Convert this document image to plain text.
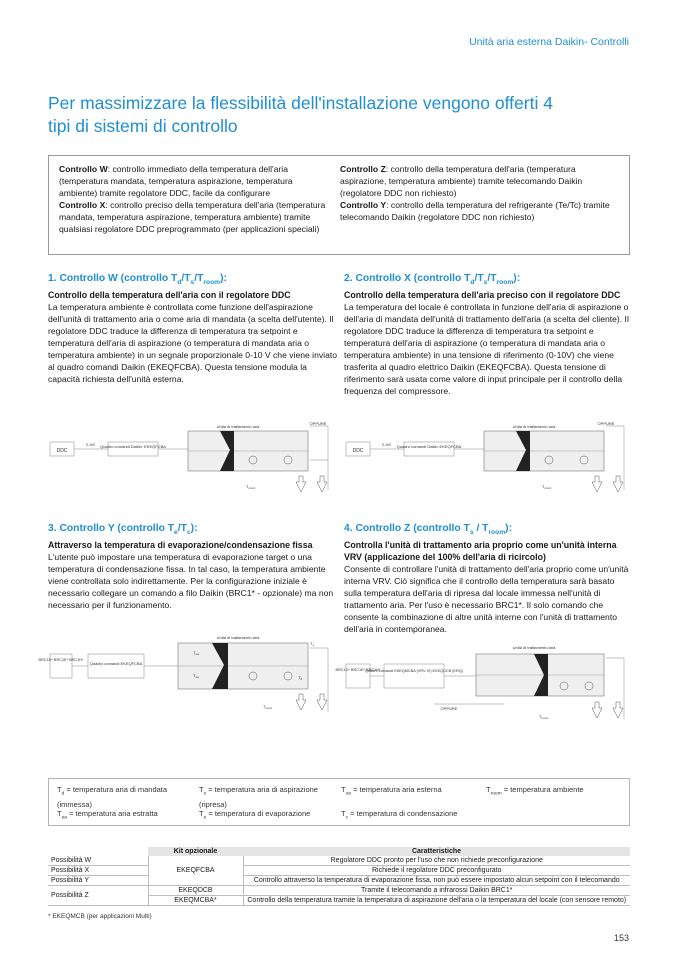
Unità aria esterna Daikin- Controlli
Per massimizzare la flessibilità dell'installazione vengono offerti 4 tipi di sistemi di controllo

Controllo W: controllo immediato della temperatura dell'aria (temperatura mandata, temperatura aspirazione, temperatura ambiente) tramite regolatore DDC, facile da configurare

Controllo X: controllo preciso della temperatura dell'aria (temperatura mandata, temperatura aspirazione, temperatura ambiente) tramite qualsiasi regolatore DDC preprogrammato (per applicazioni speciali)

Controllo Z: controllo della temperatura dell'aria (temperatura aspirazione, temperatura ambiente) tramite telecomando Daikin (regolatore DDC non richiesto)

Controllo Y: controllo della temperatura del refrigerante (Te/Tc) tramite telecomando Daikin (regolatore DDC non richiesto)

1. Controllo W (controllo $T_d/T_s/T_{room}$):
Controllo della temperatura dell'aria con il regolatore DDC

La temperatura ambiente è controllata come funzione dell'aspirazione dell'unità di trattamento aria o come aria di mandata (a scelta dell'utente). Il regolatore DDC traduce la differenza di temperatura tra setpoint e temperatura dell'aria di aspirazione (o temperatura di mandata aria o temperatura ambiente) in un segnale proporzionale 0-10 V che viene inviato al quadro comandi Daikin (EKEQFCBA). Questa tensione modula la capacità richiesta dell'unità esterna.

2. Controllo X (controllo $T_d/T_s/T_{room}$):
Controllo della temperatura dell'aria preciso con il regolatore DDC

La temperatura del locale è controllata in funzione dell'aria di aspirazione o dell'aria di mandata dell'unità di trattamento dell'aria (a scelta del cliente). Il regolatore DDC traduce la differenza di temperatura tra setpoint e temperatura dell'aria di aspirazione (o temperatura di mandata aria o temperatura ambiente) in una tensione di riferimento (0-10V) che viene trasferita al quadro elettrico Daikin (EKEQFCBA). Questa tensione di riferimento sarà usata come valore di input principale per il controllo della frequenza del compressore.

DDC
0-10V Quadro comandi Daikin. EKEQFCBA
Unità di trattamento aria
OPPURE
$T_{room}$
DDC
0-10V Quadro comandi Daikin EKEQFCBA
Unità di trattamento aria
OPPURE
$T_{room}$
3. Controllo Y (controllo $T_e/T_c$):
Attraverso la temperatura di evaporazione/condensazione fissa

L'utente può impostare una temperatura di evaporazione target o una temperatura di condensazione fissa. In tal caso, la temperatura ambiente viene controllata solo indirettamente. Per la configurazione iniziale è necessario collegare un comando a filo Daikin (BRC1* - opzionale) ma non necessario per il funzionamento.

4. Controllo Z (controllo $T_s / T_{room}$):
Controlla l'unità di trattamento aria proprio come un'unità interna VRV (applicazione del 100% dell'aria di ricircolo)

Consente di controllare l'unità di trattamento dell'aria proprio come un'unità interna VRV. Ciò significa che il controllo della temperatura sarà basato sulla temperatura dell'aria di ripresa dal locale immessa nell'unità di trattamento aria. Per l'uso è necessario BRC1*. Il solo comando che consente la combinazione di altre unità interne con l'unità di trattamento dell'aria in contemporanea.

BRC1D* BRC1E* BRC1H*
Quadro comandi EKEQFCBA
Unità di trattamento aria
$T_{ea}$
$T_{oa}$
$T_s$
$T_d$
$T_{room}$
BRC1D* BRC1E* BRC1H*
Quadro comandi EKEQMCBA (VRV IV) EKEQDCB (ERQ)
Unità di trattamento aria
OPPURE
$T_{room}$
$T_d$ = temperatura aria di mandata (immessa)
$T_s$ = temperatura aria di aspirazione (ripresa)
$T_{oa}$ = temperatura aria esterna	$T_{room}$ = temperatura ambiente
$T_{ea}$ = temperatura aria estratta	$T_e$ = temperatura di evaporazione	$T_c$ = temperatura di condensazione
	Kit opzionale	Caratteristiche
Possibilità W	EKEQFCBA	Regolatore DDC pronto per l'uso che non richiede preconfigurazione
Possibilità X		Richiede il regolatore DDC preconfigurato
Possibilità Y		Controllo attraverso la temperatura di evaporazione fissa, non può essere impostato alcun setpoint con il telecomando
Possibilità Z	EKEQDCB	Tramite il telecomando a infrarossi Daikin BRC1*
	EKEQMCBA*	Controllo della temperatura tramite la temperatura di aspirazione dell'aria o la temperatura del locale (con sensore remoto)
* EKEQMCB (per applicazioni Multi)
153
